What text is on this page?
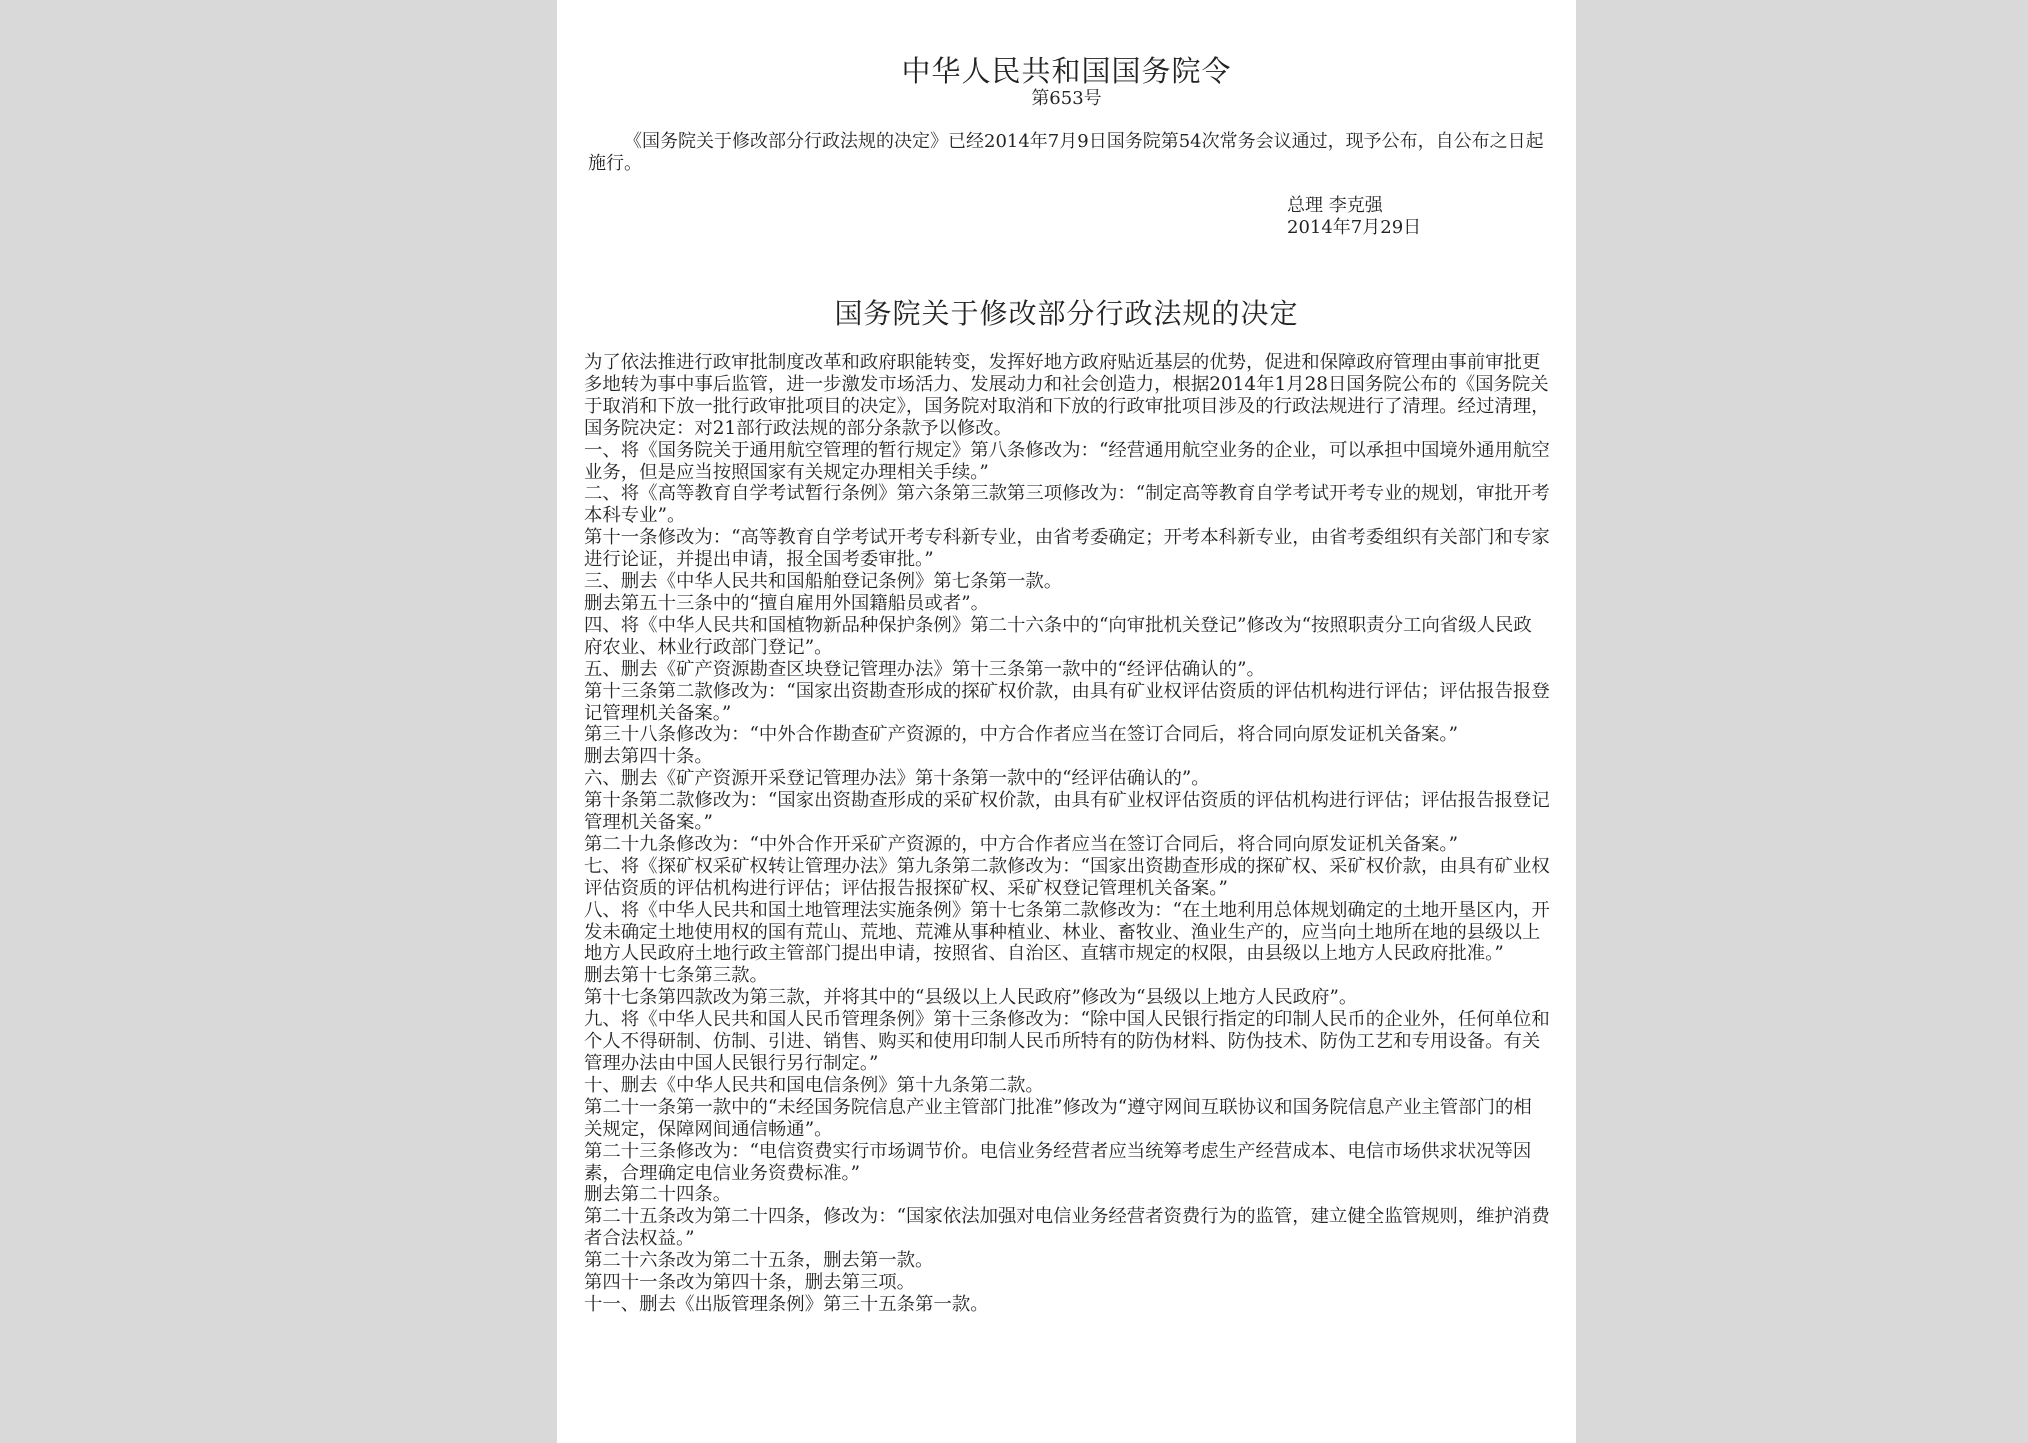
中华人民共和国国务院令
第653号

《国务院关于修改部分行政法规的决定》已经2014年7月9日国务院第54次常务会议通过，现予公布，自公布之日起施行。

总理 李克强
2014年7月29日
国务院关于修改部分行政法规的决定

为了依法推进行政审批制度改革和政府职能转变，发挥好地方政府贴近基层的优势，促进和保障政府管理由事前审批更多地转为事中事后监管，进一步激发市场活力、发展动力和社会创造力，根据2014年1月28日国务院公布的《国务院关于取消和下放一批行政审批项目的决定》，国务院对取消和下放的行政审批项目涉及的行政法规进行了清理。经过清理，国务院决定：对21部行政法规的部分条款予以修改。

一、将《国务院关于通用航空管理的暂行规定》第八条修改为：“经营通用航空业务的企业，可以承担中国境外通用航空业务，但是应当按照国家有关规定办理相关手续。”

二、将《高等教育自学考试暂行条例》第六条第三款第三项修改为：“制定高等教育自学考试开考专业的规划，审批开考本科专业”。

第十一条修改为：“高等教育自学考试开考专科新专业，由省考委确定；开考本科新专业，由省考委组织有关部门和专家进行论证，并提出申请，报全国考委审批。”

三、删去《中华人民共和国船舶登记条例》第七条第一款。

删去第五十三条中的“擅自雇用外国籍船员或者”。

四、将《中华人民共和国植物新品种保护条例》第二十六条中的“向审批机关登记”修改为“按照职责分工向省级人民政府农业、林业行政部门登记”。

五、删去《矿产资源勘查区块登记管理办法》第十三条第一款中的“经评估确认的”。

第十三条第二款修改为：“国家出资勘查形成的探矿权价款，由具有矿业权评估资质的评估机构进行评估；评估报告报登记管理机关备案。”

第三十八条修改为：“中外合作勘查矿产资源的，中方合作者应当在签订合同后，将合同向原发证机关备案。”

删去第四十条。

六、删去《矿产资源开采登记管理办法》第十条第一款中的“经评估确认的”。

第十条第二款修改为：“国家出资勘查形成的采矿权价款，由具有矿业权评估资质的评估机构进行评估；评估报告报登记管理机关备案。”

第二十九条修改为：“中外合作开采矿产资源的，中方合作者应当在签订合同后，将合同向原发证机关备案。”

七、将《探矿权采矿权转让管理办法》第九条第二款修改为：“国家出资勘查形成的探矿权、采矿权价款，由具有矿业权评估资质的评估机构进行评估；评估报告报探矿权、采矿权登记管理机关备案。”

八、将《中华人民共和国土地管理法实施条例》第十七条第二款修改为：“在土地利用总体规划确定的土地开垦区内，开发未确定土地使用权的国有荒山、荒地、荒滩从事种植业、林业、畜牧业、渔业生产的，应当向土地所在地的县级以上地方人民政府土地行政主管部门提出申请，按照省、自治区、直辖市规定的权限，由县级以上地方人民政府批准。”

删去第十七条第三款。

第十七条第四款改为第三款，并将其中的“县级以上人民政府”修改为“县级以上地方人民政府”。

九、将《中华人民共和国人民币管理条例》第十三条修改为：“除中国人民银行指定的印制人民币的企业外，任何单位和个人不得研制、仿制、引进、销售、购买和使用印制人民币所特有的防伪材料、防伪技术、防伪工艺和专用设备。有关管理办法由中国人民银行另行制定。”

十、删去《中华人民共和国电信条例》第十九条第二款。

第二十一条第一款中的“未经国务院信息产业主管部门批准”修改为“遵守网间互联协议和国务院信息产业主管部门的相关规定，保障网间通信畅通”。

第二十三条修改为：“电信资费实行市场调节价。电信业务经营者应当统筹考虑生产经营成本、电信市场供求状况等因素，合理确定电信业务资费标准。”

删去第二十四条。

第二十五条改为第二十四条，修改为：“国家依法加强对电信业务经营者资费行为的监管，建立健全监管规则，维护消费者合法权益。”

第二十六条改为第二十五条，删去第一款。

第四十一条改为第四十条，删去第三项。

十一、删去《出版管理条例》第三十五条第一款。
